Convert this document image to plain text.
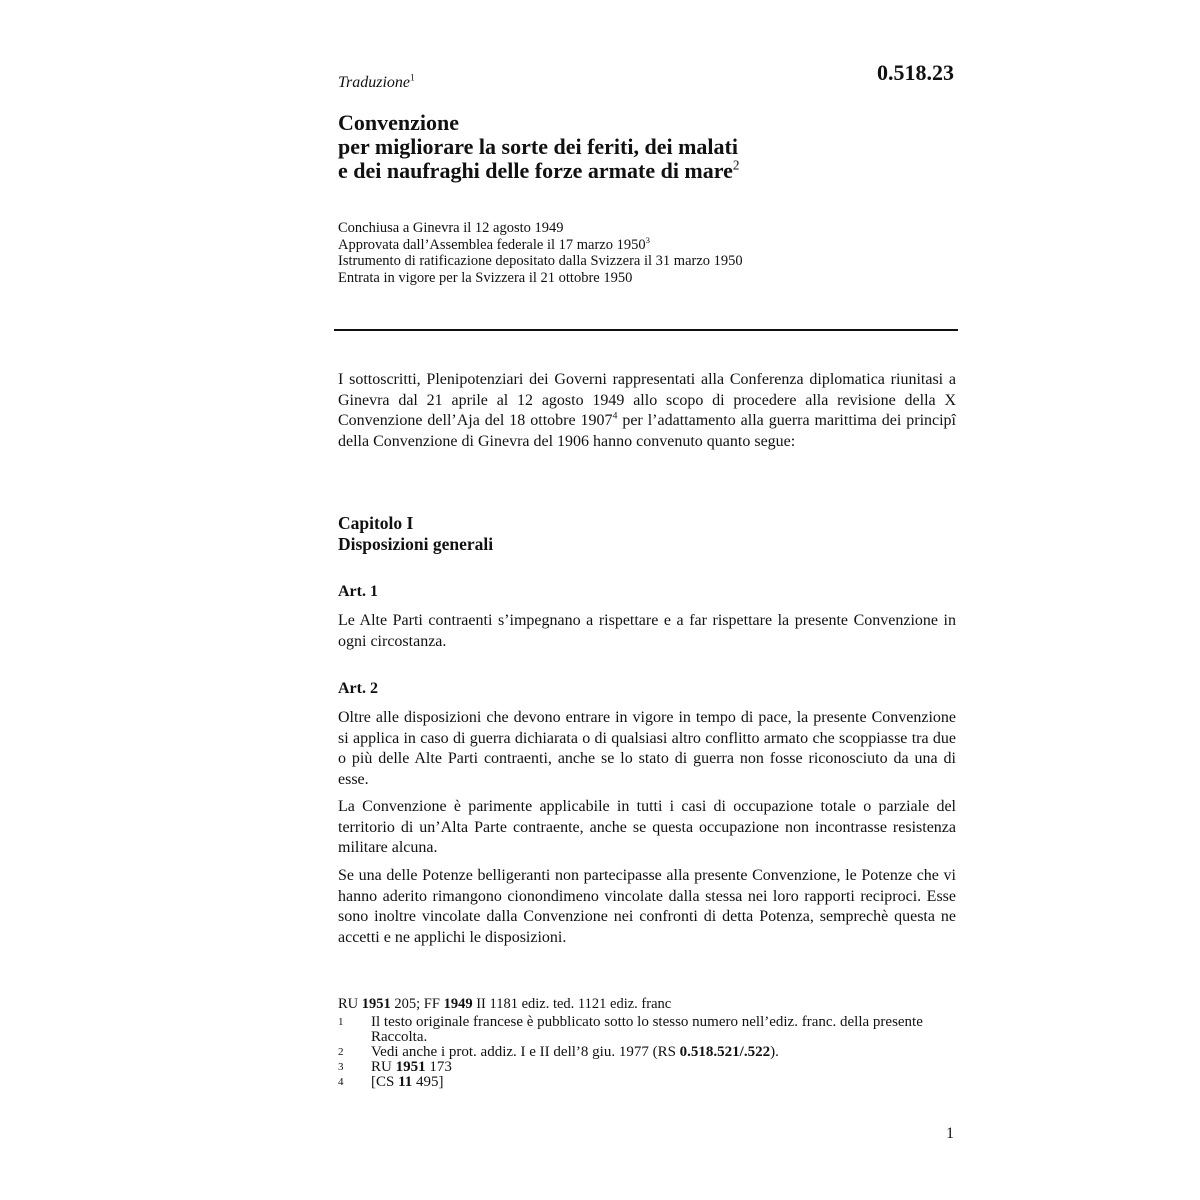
0.518.23
Traduzione$^1$
Convenzione
per migliorare la sorte dei feriti, dei malati
e dei naufraghi delle forze armate di mare$^2$
Conchiusa a Ginevra il 12 agosto 1949
Approvata dall’Assemblea federale il 17 marzo 1950$^3$
Istrumento di ratificazione depositato dalla Svizzera il 31 marzo 1950
Entrata in vigore per la Svizzera il 21 ottobre 1950

I sottoscritti, Plenipotenziari dei Governi rappresentati alla Conferenza diplomatica riunitasi a Ginevra dal 21 aprile al 12 agosto 1949 allo scopo di procedere alla revisione della X Convenzione dell’Aja del 18 ottobre 1907$^4$ per l’adattamento alla guerra marittima dei principî della Convenzione di Ginevra del 1906 hanno convenuto quanto segue:

Capitolo I
Disposizioni generali
Art. 1

Le Alte Parti contraenti s’impegnano a rispettare e a far rispettare la presente Convenzione in ogni circostanza.

Art. 2

Oltre alle disposizioni che devono entrare in vigore in tempo di pace, la presente Convenzione si applica in caso di guerra dichiarata o di qualsiasi altro conflitto armato che scoppiasse tra due o più delle Alte Parti contraenti, anche se lo stato di guerra non fosse riconosciuto da una di esse.

La Convenzione è parimente applicabile in tutti i casi di occupazione totale o parziale del territorio di un’Alta Parte contraente, anche se questa occupazione non incontrasse resistenza militare alcuna.

Se una delle Potenze belligeranti non partecipasse alla presente Convenzione, le Potenze che vi hanno aderito rimangono cionondimeno vincolate dalla stessa nei loro rapporti reciproci. Esse sono inoltre vincolate dalla Convenzione nei confronti di detta Potenza, semprechè questa ne accetti e ne applichi le disposizioni.

RU 1951 205; FF 1949 II 1181 ediz. ted. 1121 ediz. franc
1	Il testo originale francese è pubblicato sotto lo stesso numero nell’ediz. franc. della presente Raccolta.
2	Vedi anche i prot. addiz. I e II dell’8 giu. 1977 (RS 0.518.521/.522).
3	RU 1951 173
4	[CS 11 495]
1
